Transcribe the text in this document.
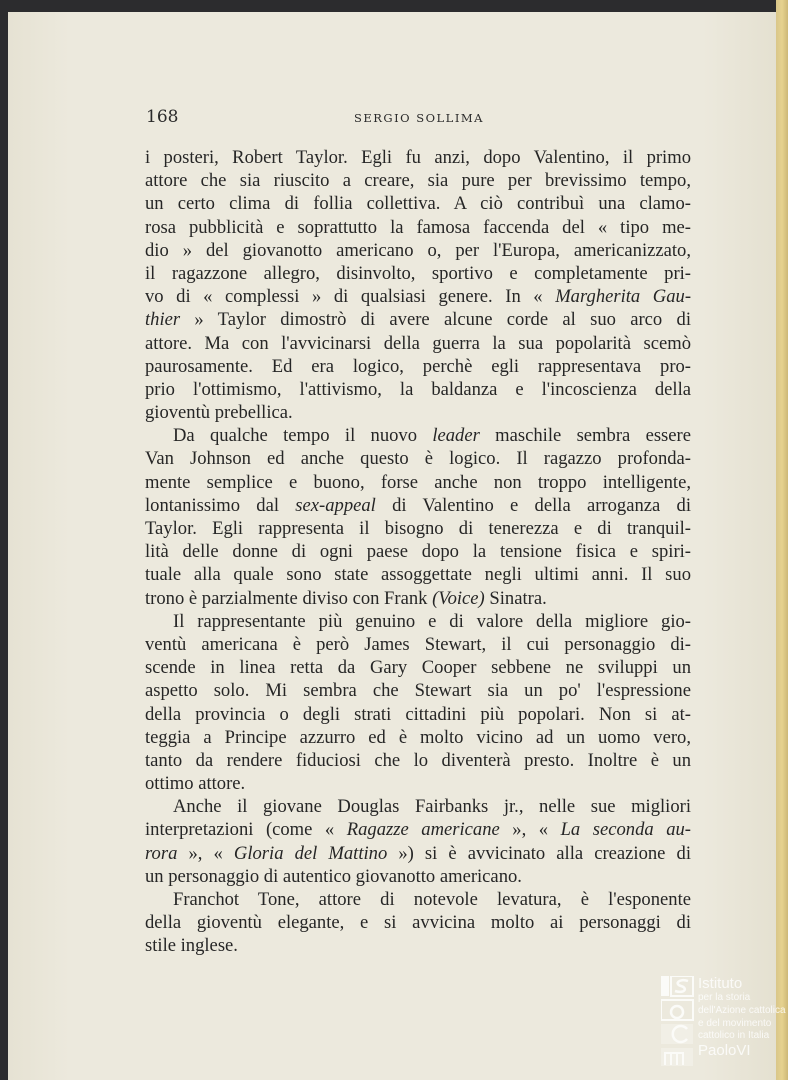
168	SERGIO SOLLIMA
i posteri, Robert Taylor. Egli fu anzi, dopo Valentino, il primo
attore che sia riuscito a creare, sia pure per brevissimo tempo,
un certo clima di follia collettiva. A ciò contribuì una clamo-
rosa pubblicità e soprattutto la famosa faccenda del « tipo me-
dio » del giovanotto americano o, per l'Europa, americanizzato,
il ragazzone allegro, disinvolto, sportivo e completamente pri-
vo di « complessi » di qualsiasi genere. In « Margherita Gau-
thier » Taylor dimostrò di avere alcune corde al suo arco di
attore. Ma con l'avvicinarsi della guerra la sua popolarità scemò
paurosamente. Ed era logico, perchè egli rappresentava pro-
prio l'ottimismo, l'attivismo, la baldanza e l'incoscienza della
gioventù prebellica.
Da qualche tempo il nuovo leader maschile sembra essere
Van Johnson ed anche questo è logico. Il ragazzo profonda-
mente semplice e buono, forse anche non troppo intelligente,
lontanissimo dal sex-appeal di Valentino e della arroganza di
Taylor. Egli rappresenta il bisogno di tenerezza e di tranquil-
lità delle donne di ogni paese dopo la tensione fisica e spiri-
tuale alla quale sono state assoggettate negli ultimi anni. Il suo
trono è parzialmente diviso con Frank (Voice) Sinatra.
Il rappresentante più genuino e di valore della migliore gio-
ventù americana è però James Stewart, il cui personaggio di-
scende in linea retta da Gary Cooper sebbene ne sviluppi un
aspetto solo. Mi sembra che Stewart sia un po' l'espressione
della provincia o degli strati cittadini più popolari. Non si at-
teggia a Principe azzurro ed è molto vicino ad un uomo vero,
tanto da rendere fiduciosi che lo diventerà presto. Inoltre è un
ottimo attore.
Anche il giovane Douglas Fairbanks jr., nelle sue migliori
interpretazioni (come « Ragazze americane », « La seconda au-
rora », « Gloria del Mattino ») si è avvicinato alla creazione di
un personaggio di autentico giovanotto americano.
Franchot Tone, attore di notevole levatura, è l'esponente
della gioventù elegante, e si avvicina molto ai personaggi di
stile inglese.
Istituto
per la storia
dell'Azione cattolica
e del movimento
cattolico in Italia
PaoloVI
